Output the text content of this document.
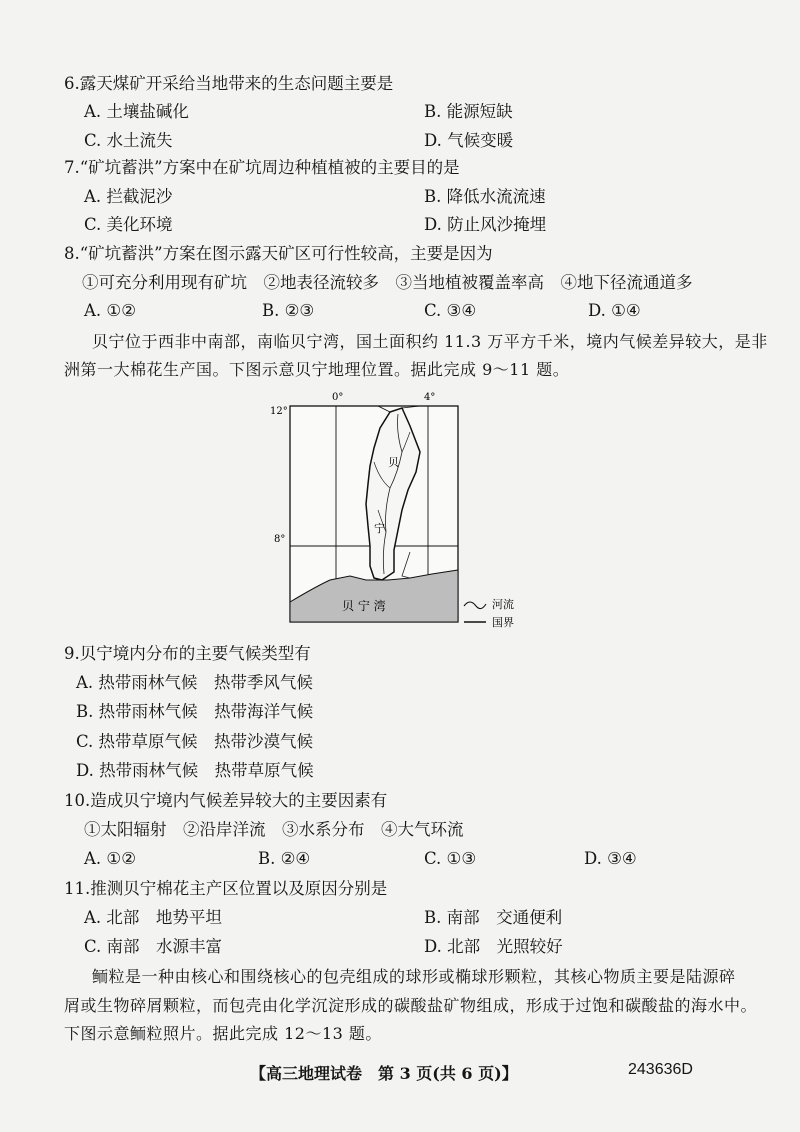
6.露天煤矿开采给当地带来的生态问题主要是
A. 土壤盐碱化	B. 能源短缺
C. 水土流失	D. 气候变暖
7.“矿坑蓄洪”方案中在矿坑周边种植植被的主要目的是
A. 拦截泥沙	B. 降低水流流速
C. 美化环境	D. 防止风沙掩埋
8.“矿坑蓄洪”方案在图示露天矿区可行性较高，主要是因为
①可充分利用现有矿坑　②地表径流较多　③当地植被覆盖率高　④地下径流通道多
A. ①②	B. ②③	C. ③④	D. ①④
贝宁位于西非中南部，南临贝宁湾，国土面积约 11.3 万平方千米，境内气候差异较大，是非
洲第一大棉花生产国。下图示意贝宁地理位置。据此完成 9～11 题。
0°	4°
12°
8°
贝
宁
贝 宁 湾	河流
国界
9.贝宁境内分布的主要气候类型有
A. 热带雨林气候　热带季风气候
B. 热带雨林气候　热带海洋气候
C. 热带草原气候　热带沙漠气候
D. 热带雨林气候　热带草原气候
10.造成贝宁境内气候差异较大的主要因素有
①太阳辐射　②沿岸洋流　③水系分布　④大气环流
A. ①②	B. ②④	C. ①③	D. ③④
11.推测贝宁棉花主产区位置以及原因分别是
A. 北部　地势平坦	B. 南部　交通便利
C. 南部　水源丰富	D. 北部　光照较好
鲕粒是一种由核心和围绕核心的包壳组成的球形或椭球形颗粒，其核心物质主要是陆源碎
屑或生物碎屑颗粒，而包壳由化学沉淀形成的碳酸盐矿物组成，形成于过饱和碳酸盐的海水中。
下图示意鲕粒照片。据此完成 12～13 题。
【高三地理试卷　第 3 页(共 6 页)】	243636D
